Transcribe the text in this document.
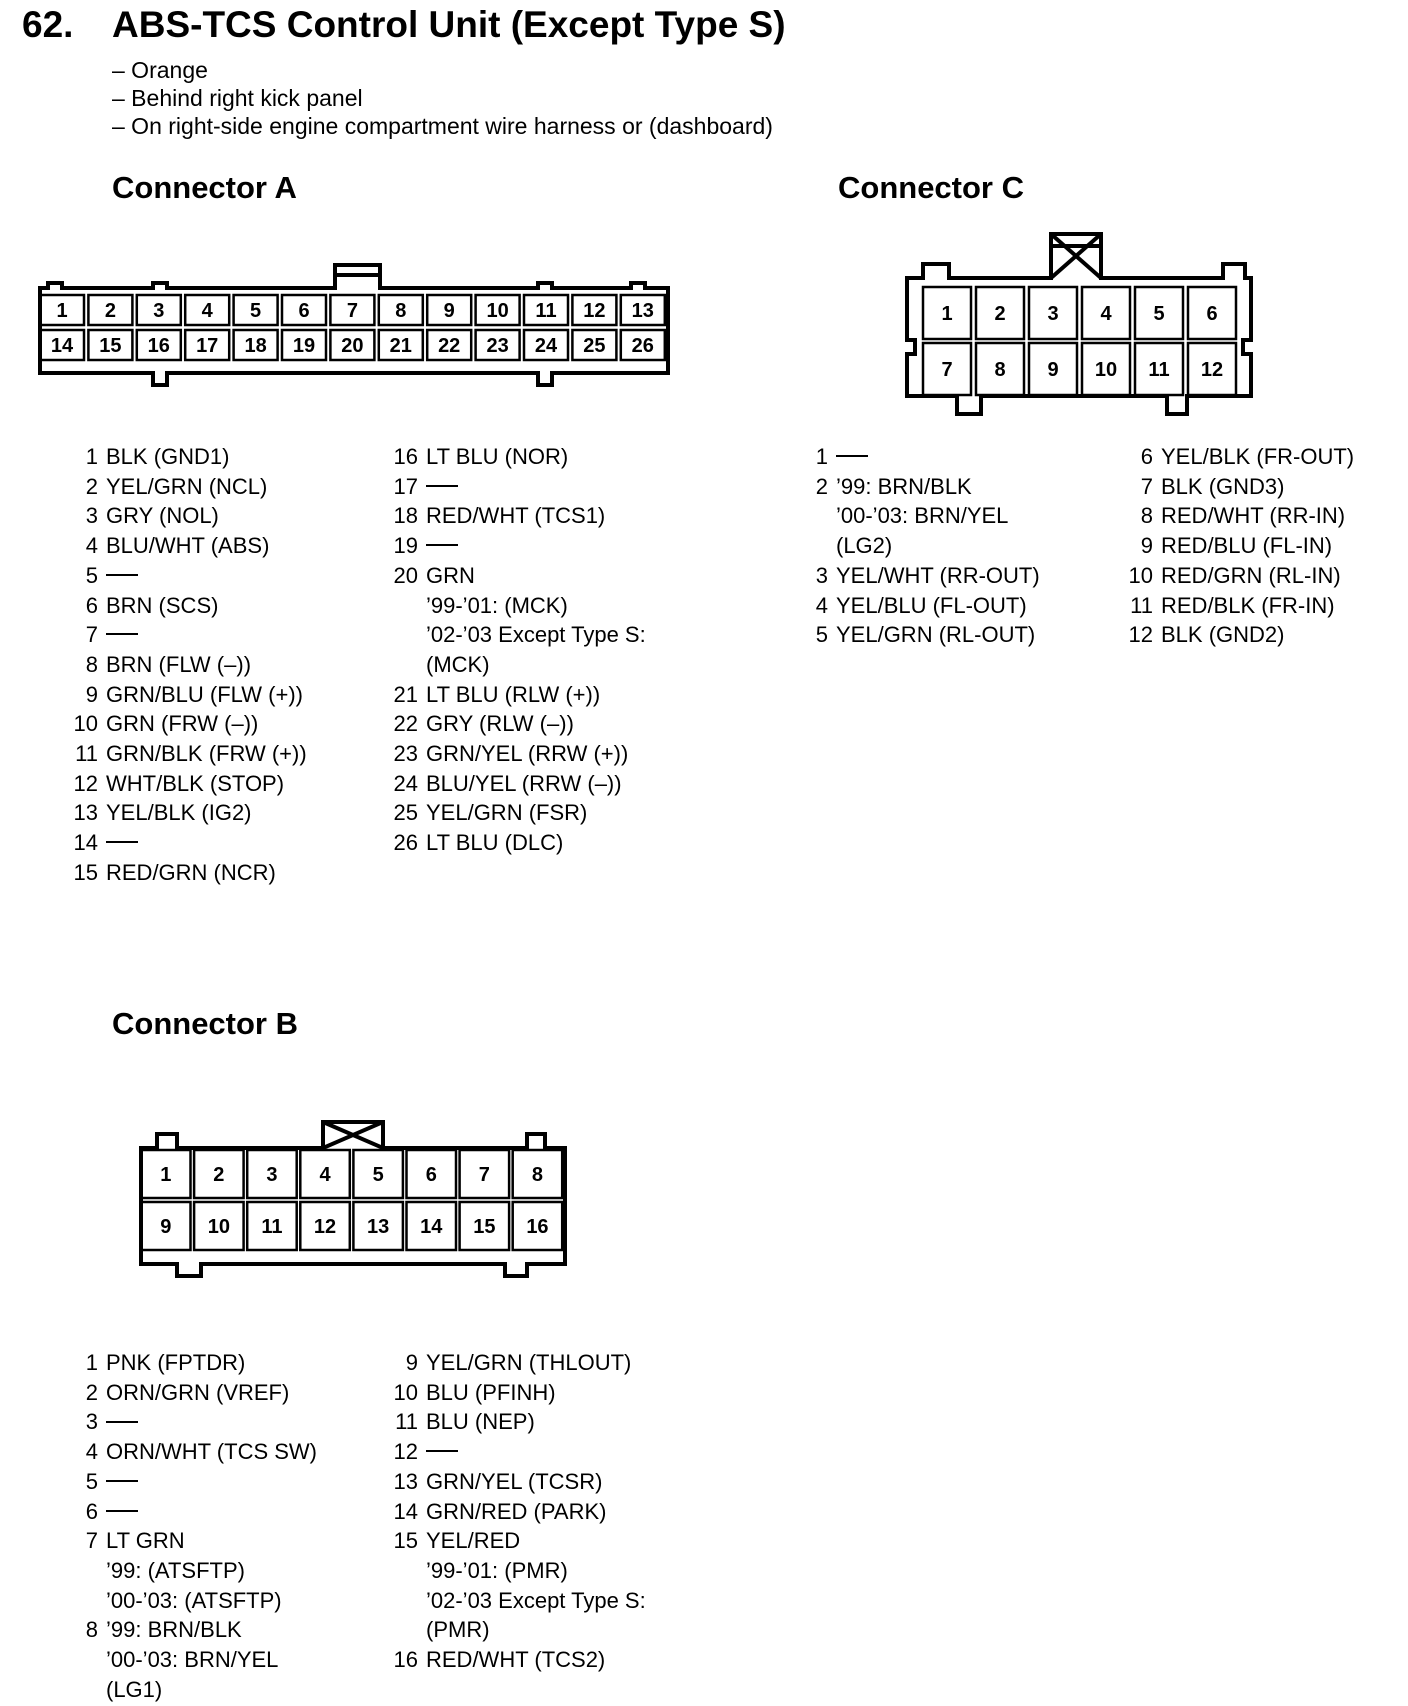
62. ABS-TCS Control Unit (Except Type S)
– Orange
– Behind right kick panel
– On right-side engine compartment wire harness or (dashboard)
Connector A
1 2 3 4 5 6 7 8 9 10 11 12 13
14 15 16 17 18 19 20 21 22 23 24 25 26
1 BLK (GND1)
2 YEL/GRN (NCL)
3 GRY (NOL)
4 BLU/WHT (ABS)
5
6 BRN (SCS)
7
8 BRN (FLW (–))
9 GRN/BLU (FLW (+))
10 GRN (FRW (–))
11 GRN/BLK (FRW (+))
12 WHT/BLK (STOP)
13 YEL/BLK (IG2)
14
15 RED/GRN (NCR)
16 LT BLU (NOR)
17
18 RED/WHT (TCS1)
19
20 GRN
’99-’01: (MCK)
’02-’03 Except Type S:
(MCK)
21 LT BLU (RLW (+))
22 GRY (RLW (–))
23 GRN/YEL (RRW (+))
24 BLU/YEL (RRW (–))
25 YEL/GRN (FSR)
26 LT BLU (DLC)
Connector C
1 2 3 4 5 6
7 8 9 10 11 12
1
2 ’99: BRN/BLK
’00-’03: BRN/YEL
(LG2)
3 YEL/WHT (RR-OUT)
4 YEL/BLU (FL-OUT)
5 YEL/GRN (RL-OUT)
6 YEL/BLK (FR-OUT)
7 BLK (GND3)
8 RED/WHT (RR-IN)
9 RED/BLU (FL-IN)
10 RED/GRN (RL-IN)
11 RED/BLK (FR-IN)
12 BLK (GND2)
Connector B
1 2 3 4 5 6 7 8
9 10 11 12 13 14 15 16
1 PNK (FPTDR)
2 ORN/GRN (VREF)
3
4 ORN/WHT (TCS SW)
5
6
7 LT GRN
’99: (ATSFTP)
’00-’03: (ATSFTP)
8 ’99: BRN/BLK
’00-’03: BRN/YEL
(LG1)
9 YEL/GRN (THLOUT)
10 BLU (PFINH)
11 BLU (NEP)
12
13 GRN/YEL (TCSR)
14 GRN/RED (PARK)
15 YEL/RED
’99-’01: (PMR)
’02-’03 Except Type S:
(PMR)
16 RED/WHT (TCS2)
